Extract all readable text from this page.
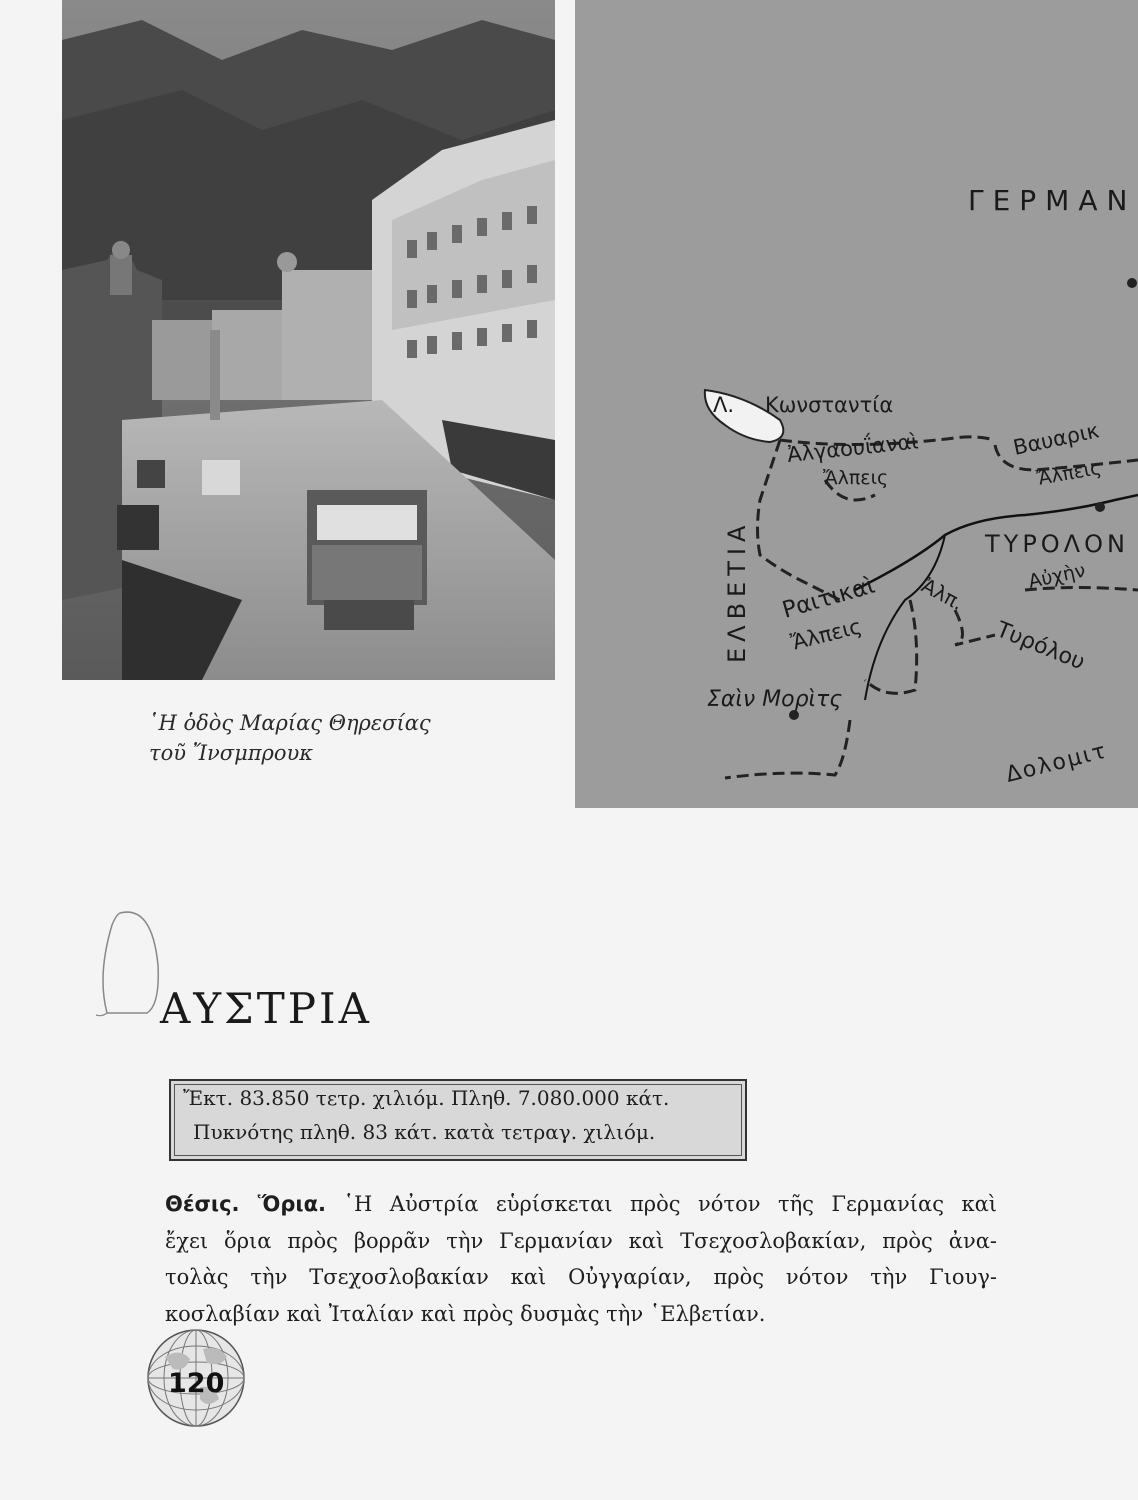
῾Η ὁδὸς Μαρίας Θηρεσίας
τοῦ Ἴνσμπρουκ
ΓΕΡΜΑΝ
Λ. Κωνσταντία
Ἀλγαουΐαναὶ
Ἄλπεις
Βαυαρικ
Ἄλπεις
ΕΛΒΕΤΙΑ	ΤΥΡΟΛΟΝ
Ραιτικαὶ
Ἄλπεις
Ἀλπ.
Τυρόλου
Αὐχὴν
Σαὶν Μορὶτς
Δολομιτ
ΑΥΣΤΡΙΑ
Ἔκτ. 83.850 τετρ. χιλιόμ. Πληθ. 7.080.000 κάτ.
Πυκνότης πληθ. 83 κάτ. κατὰ τετραγ. χιλιόμ.
Θέσις. Ὅρια. ῾Η Αὐστρία εὑρίσκεται πρὸς νότον τῆς Γερμανίας καὶ
ἔχει ὅρια πρὸς βορρᾶν τὴν Γερμανίαν καὶ Τσεχοσλοβακίαν, πρὸς ἀνα-
τολὰς τὴν Τσεχοσλοβακίαν καὶ Οὐγγαρίαν, πρὸς νότον τὴν Γιουγ-
κοσλαβίαν καὶ Ἰταλίαν καὶ πρὸς δυσμὰς τὴν ῾Ελβετίαν.
120
